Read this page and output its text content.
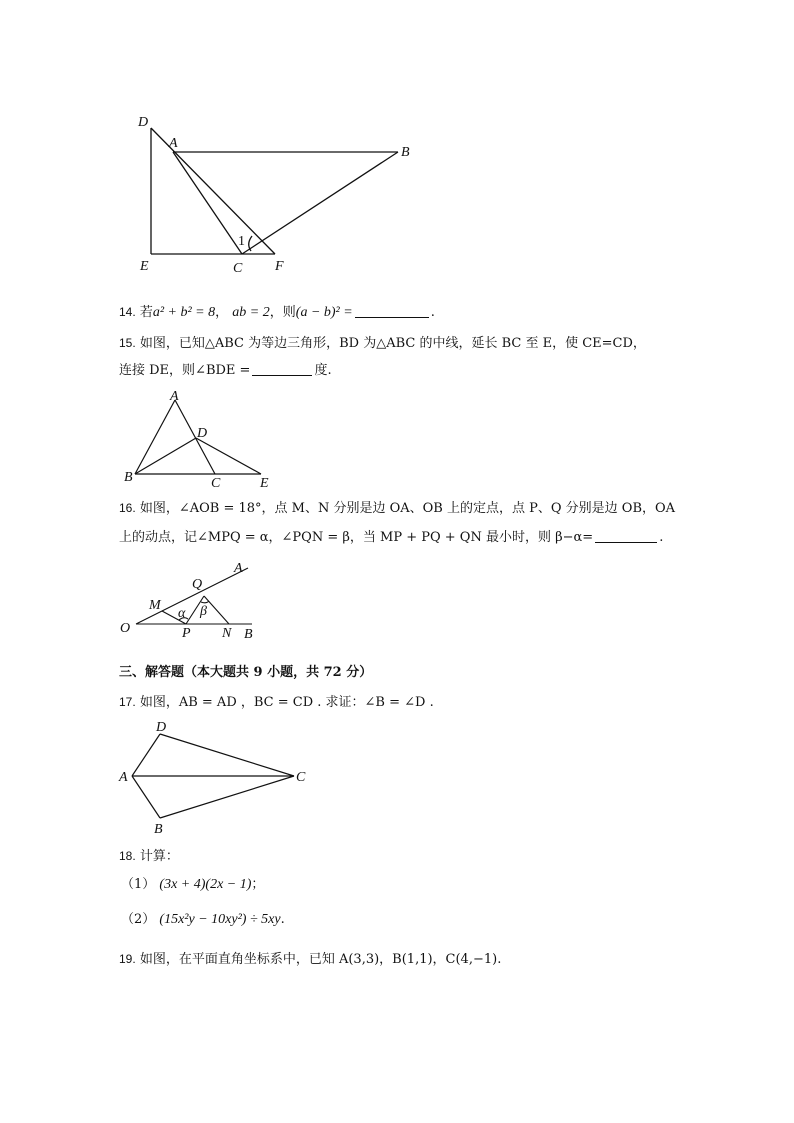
D
A
B
E	C F
1
14. 若a² + b² = 8， ab = 2，则(a − b)² =	.
15. 如图，已知△ABC 为等边三角形，BD 为△ABC 的中线，延长 BC 至 E，使 CE=CD，
连接 DE，则∠BDE =	度.
A
D
B	C	E
16. 如图，∠AOB = 18°，点 M、N 分别是边 OA、OB 上的定点，点 P、Q 分别是边 OB，OA
上的动点，记∠MPQ = α，∠PQN = β，当 MP + PQ + QN 最小时，则 β−α=	.
A
Q
M
α β
O	P N B
三、解答题（本大题共 9 小题，共 72 分）
17. 如图，AB = AD ，BC = CD . 求证：∠B = ∠D .
D
A	C
B
18. 计算：
（1） (3x + 4)(2x − 1)；
（2） (15x²y − 10xy²) ÷ 5xy.
19. 如图，在平面直角坐标系中，已知 A(3,3)，B(1,1)，C(4,−1).
